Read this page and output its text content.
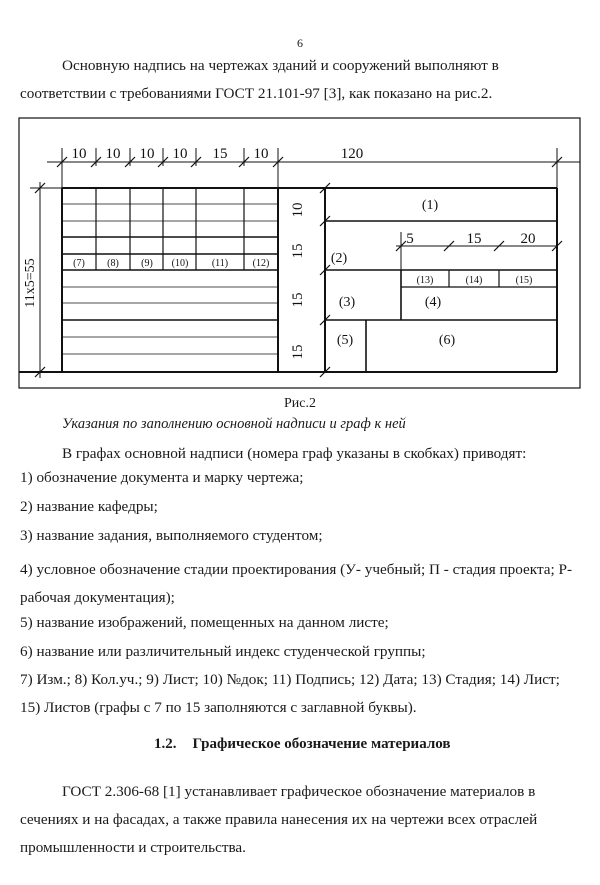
6

Основную надпись на чертежах зданий и сооружений выполняют в соответствии с требованиями ГОСТ 21.101-97 [3], как показано на рис.2.

10 10 10 10 15 10	120
11x5=55
10
15
15
15
5	15	20
(1)
(2)
(3)	(4)
(5)	(6)
(7) (8) (9) (10) (11) (12)
(13)	(14)	(15)
Рис.2
Указания по заполнению основной надписи и граф к ней

В графах основной надписи (номера граф указаны в скобках) приводят:

1) обозначение документа и марку чертежа;

2) название кафедры;

3) название задания, выполняемого студентом;

4) условное обозначение стадии проектирования (У- учебный; П - стадия проекта; Р- рабочая документация);

5) название изображений, помещенных на данном листе;

6) название или различительный индекс студенческой группы;

7) Изм.; 8) Кол.уч.; 9) Лист; 10) №док; 11) Подпись; 12) Дата; 13) Стадия; 14) Лист; 15) Листов (графы с 7 по 15 заполняются с заглавной буквы).

1.2. Графическое обозначение материалов

ГОСТ 2.306-68 [1] устанавливает графическое обозначение материалов в сечениях и на фасадах, а также правила нанесения их на чертежи всех отраслей промышленности и строительства.
